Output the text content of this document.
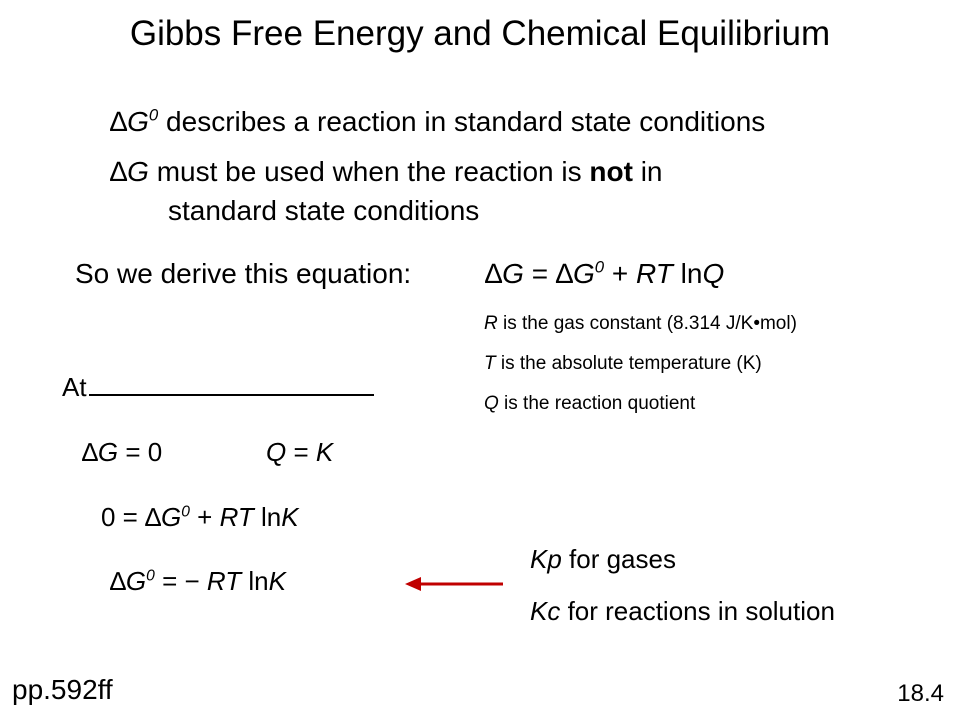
Gibbs Free Energy and Chemical Equilibrium
$\Delta G^0$ describes a reaction in standard state conditions
∆G must be used when the reaction is not in
standard state conditions
So we derive this equation:	$\Delta G = \Delta G^0$ + RT lnQ
R is the gas constant (8.314 J/K•mol)
T is the absolute temperature (K)
Q is the reaction quotient
At
∆G = 0	Q = K
$0 = \Delta G^0$ + RT lnK
$\Delta G^0$ = − RT lnK
Kp for gases
Kc for reactions in solution
pp.592ff	18.4
